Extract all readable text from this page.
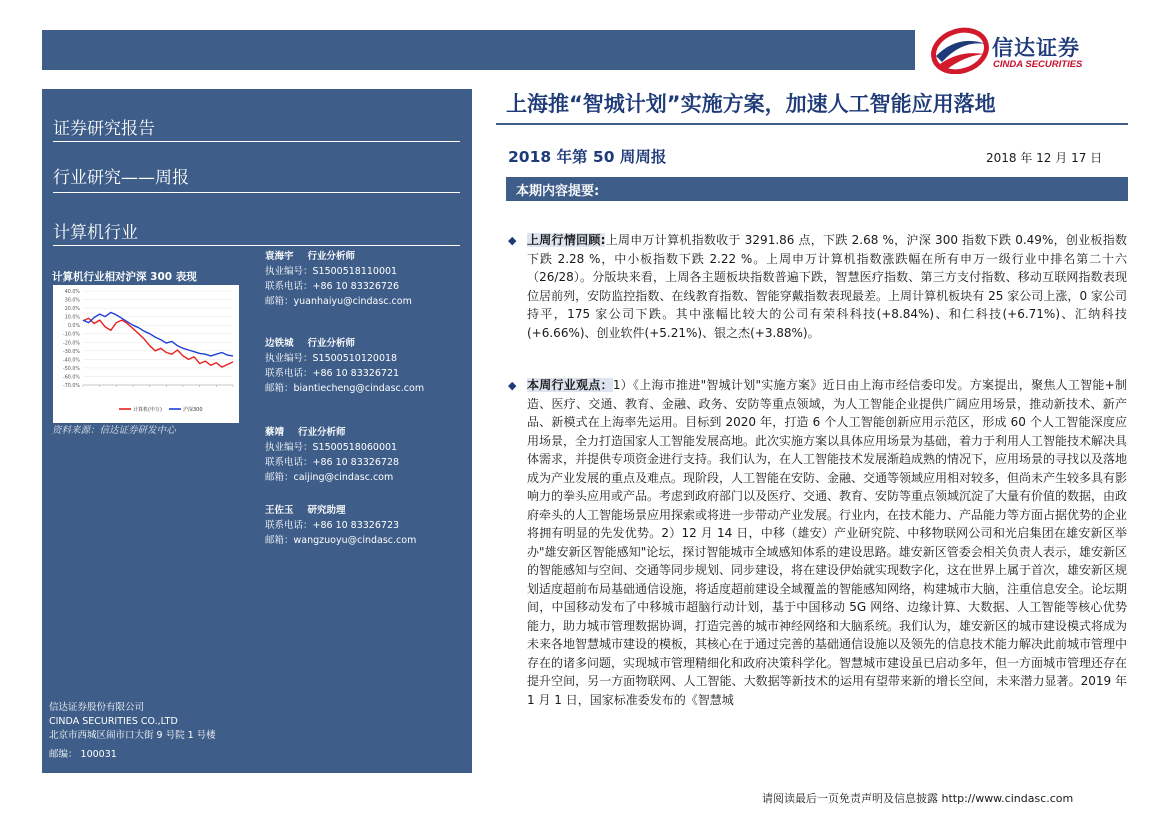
信达证券
CINDA SECURITIES
证券研究报告
行业研究——周报
计算机行业
计算机行业相对沪深 300 表现
40.0%
30.0%
20.0%
10.0%
0.0%
-10.0%
-20.0%
-30.0%
-40.0%
-50.0%
-60.0%
-70.0%
计算机(申万)	沪深300
资料来源：信达证券研发中心
袁海宇 行业分析师
执业编号：S1500518110001
联系电话：+86 10 83326726
邮箱：yuanhaiyu@cindasc.com
边铁城 行业分析师
执业编号：S1500510120018
联系电话：+86 10 83326721
邮箱：biantiecheng@cindasc.com
蔡靖 行业分析师
执业编号：S1500518060001
联系电话：+86 10 83326728
邮箱：caijing@cindasc.com
王佐玉 研究助理
联系电话：+86 10 83326723
邮箱：wangzuoyu@cindasc.com
信达证券股份有限公司
CINDA SECURITIES CO.,LTD
北京市西城区闹市口大街 9 号院 1 号楼
邮编： 100031
上海推“智城计划”实施方案，加速人工智能应用落地
2018 年第 50 周周报	2018 年 12 月 17 日
本期内容提要:
◆ 上周行情回顾:上周申万计算机指数收于 3291.86 点，下跌 2.68 %，沪深 300 指数下跌 0.49%，创业板指数下跌 2.28 %，中小板指数下跌 2.22 %。上周申万计算机指数涨跌幅在所有申万一级行业中排名第二十六（26/28）。分版块来看，上周各主题板块指数普遍下跌，智慧医疗指数、第三方支付指数、移动互联网指数表现位居前列，安防监控指数、在线教育指数、智能穿戴指数表现最差。上周计算机板块有 25 家公司上涨，0 家公司持平，175 家公司下跌。其中涨幅比较大的公司有荣科科技(+8.84%)、和仁科技(+6.71%)、汇纳科技(+6.66%)、创业软件(+5.21%)、银之杰(+3.88%)。
◆ 本周行业观点：1）《上海市推进"智城计划"实施方案》近日由上海市经信委印发。方案提出，聚焦人工智能+制造、医疗、交通、教育、金融、政务、安防等重点领域，为人工智能企业提供广阔应用场景，推动新技术、新产品、新模式在上海率先运用。目标到 2020 年，打造 6 个人工智能创新应用示范区，形成 60 个人工智能深度应用场景，全力打造国家人工智能发展高地。此次实施方案以具体应用场景为基础，着力于利用人工智能技术解决具体需求，并提供专项资金进行支持。我们认为，在人工智能技术发展渐趋成熟的情况下，应用场景的寻找以及落地成为产业发展的重点及难点。现阶段，人工智能在安防、金融、交通等领域应用相对较多，但尚未产生较多具有影响力的拳头应用或产品。考虑到政府部门以及医疗、交通、教育、安防等重点领域沉淀了大量有价值的数据，由政府牵头的人工智能场景应用探索或将进一步带动产业发展。行业内，在技术能力、产品能力等方面占据优势的企业将拥有明显的先发优势。2）12 月 14 日，中移（雄安）产业研究院、中移物联网公司和光启集团在雄安新区举办"雄安新区智能感知"论坛，探讨智能城市全域感知体系的建设思路。雄安新区管委会相关负责人表示，雄安新区的智能感知与空间、交通等同步规划、同步建设，将在建设伊始就实现数字化，这在世界上属于首次，雄安新区规划适度超前布局基础通信设施，将适度超前建设全域覆盖的智能感知网络，构建城市大脑，注重信息安全。论坛期间，中国移动发布了中移城市超脑行动计划，基于中国移动 5G 网络、边缘计算、大数据、人工智能等核心优势能力，助力城市管理数据协调，打造完善的城市神经网络和大脑系统。我们认为，雄安新区的城市建设模式将成为未来各地智慧城市建设的模板，其核心在于通过完善的基础通信设施以及领先的信息技术能力解决此前城市管理中存在的诸多问题，实现城市管理精细化和政府决策科学化。智慧城市建设虽已启动多年，但一方面城市管理还存在提升空间，另一方面物联网、人工智能、大数据等新技术的运用有望带来新的增长空间，未来潜力显著。2019 年 1 月 1 日，国家标准委发布的《智慧城
请阅读最后一页免责声明及信息披露 http://www.cindasc.com
